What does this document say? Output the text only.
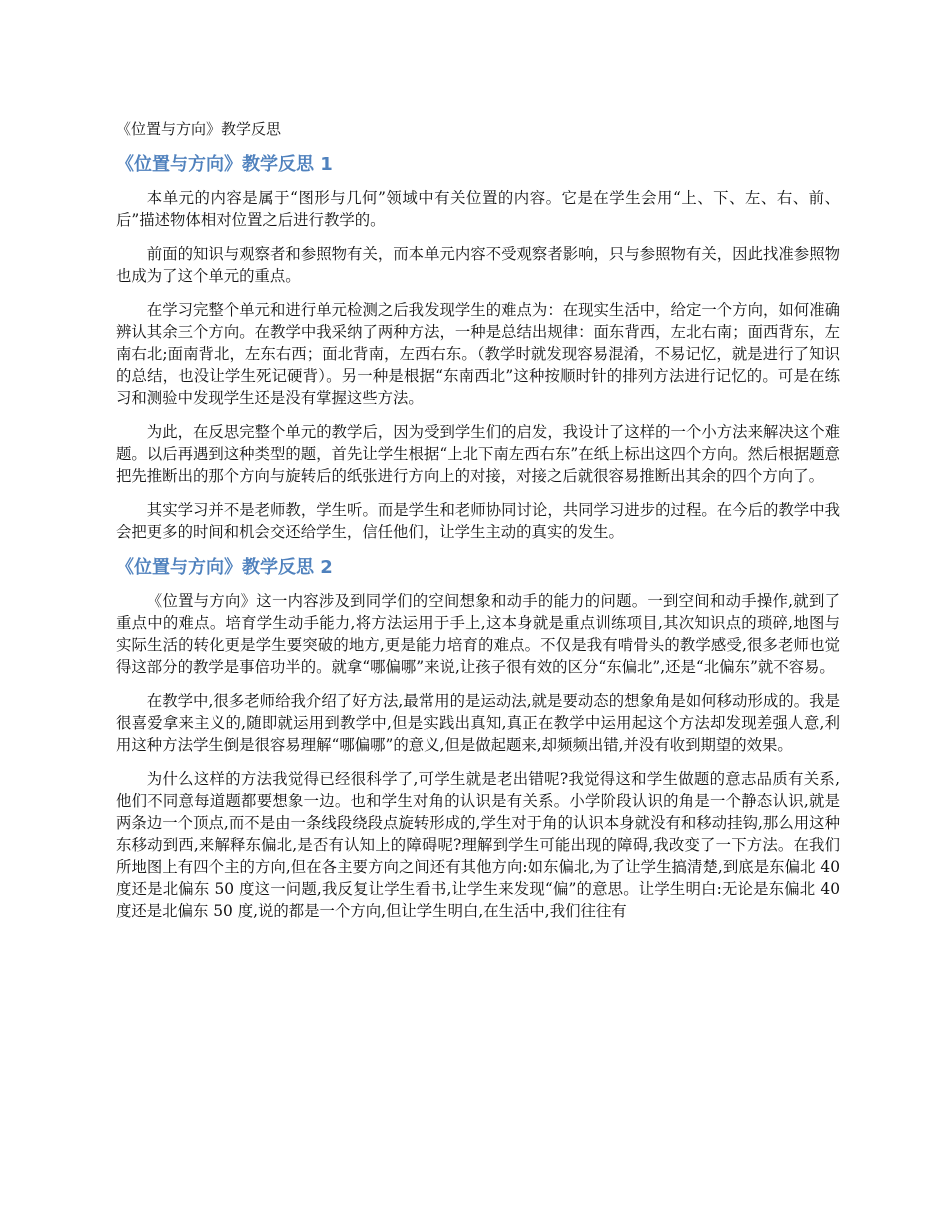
《位置与方向》教学反思
《位置与方向》教学反思 1

本单元的内容是属于“图形与几何”领域中有关位置的内容。它是在学生会用“上、下、左、右、前、后”描述物体相对位置之后进行教学的。

前面的知识与观察者和参照物有关，而本单元内容不受观察者影响，只与参照物有关，因此找准参照物也成为了这个单元的重点。

在学习完整个单元和进行单元检测之后我发现学生的难点为：在现实生活中，给定一个方向，如何准确辨认其余三个方向。在教学中我采纳了两种方法，一种是总结出规律：面东背西，左北右南；面西背东，左南右北;面南背北，左东右西；面北背南，左西右东。（教学时就发现容易混淆，不易记忆，就是进行了知识的总结，也没让学生死记硬背）。另一种是根据“东南西北”这种按顺时针的排列方法进行记忆的。可是在练习和测验中发现学生还是没有掌握这些方法。

为此，在反思完整个单元的教学后，因为受到学生们的启发，我设计了这样的一个小方法来解决这个难题。以后再遇到这种类型的题，首先让学生根据“上北下南左西右东”在纸上标出这四个方向。然后根据题意把先推断出的那个方向与旋转后的纸张进行方向上的对接，对接之后就很容易推断出其余的四个方向了。

其实学习并不是老师教，学生听。而是学生和老师协同讨论，共同学习进步的过程。在今后的教学中我会把更多的时间和机会交还给学生，信任他们，让学生主动的真实的发生。

《位置与方向》教学反思 2

《位置与方向》这一内容涉及到同学们的空间想象和动手的能力的问题。一到空间和动手操作,就到了重点中的难点。培育学生动手能力,将方法运用于手上,这本身就是重点训练项目,其次知识点的琐碎,地图与实际生活的转化更是学生要突破的地方,更是能力培育的难点。不仅是我有啃骨头的教学感受,很多老师也觉得这部分的教学是事倍功半的。就拿“哪偏哪”来说,让孩子很有效的区分“东偏北”,还是“北偏东”就不容易。

在教学中,很多老师给我介绍了好方法,最常用的是运动法,就是要动态的想象角是如何移动形成的。我是很喜爱拿来主义的,随即就运用到教学中,但是实践出真知,真正在教学中运用起这个方法却发现差强人意,利用这种方法学生倒是很容易理解“哪偏哪”的意义,但是做起题来,却频频出错,并没有收到期望的效果。

为什么这样的方法我觉得已经很科学了,可学生就是老出错呢?我觉得这和学生做题的意志品质有关系,他们不同意每道题都要想象一边。也和学生对角的认识是有关系。小学阶段认识的角是一个静态认识,就是两条边一个顶点,而不是由一条线段绕段点旋转形成的,学生对于角的认识本身就没有和移动挂钩,那么用这种东移动到西,来解释东偏北,是否有认知上的障碍呢?理解到学生可能出现的障碍,我改变了一下方法。在我们所地图上有四个主的方向,但在各主要方向之间还有其他方向:如东偏北,为了让学生搞清楚,到底是东偏北 40 度还是北偏东 50 度这一问题,我反复让学生看书,让学生来发现“偏”的意思。让学生明白:无论是东偏北 40 度还是北偏东 50 度,说的都是一个方向,但让学生明白,在生活中,我们往往有
